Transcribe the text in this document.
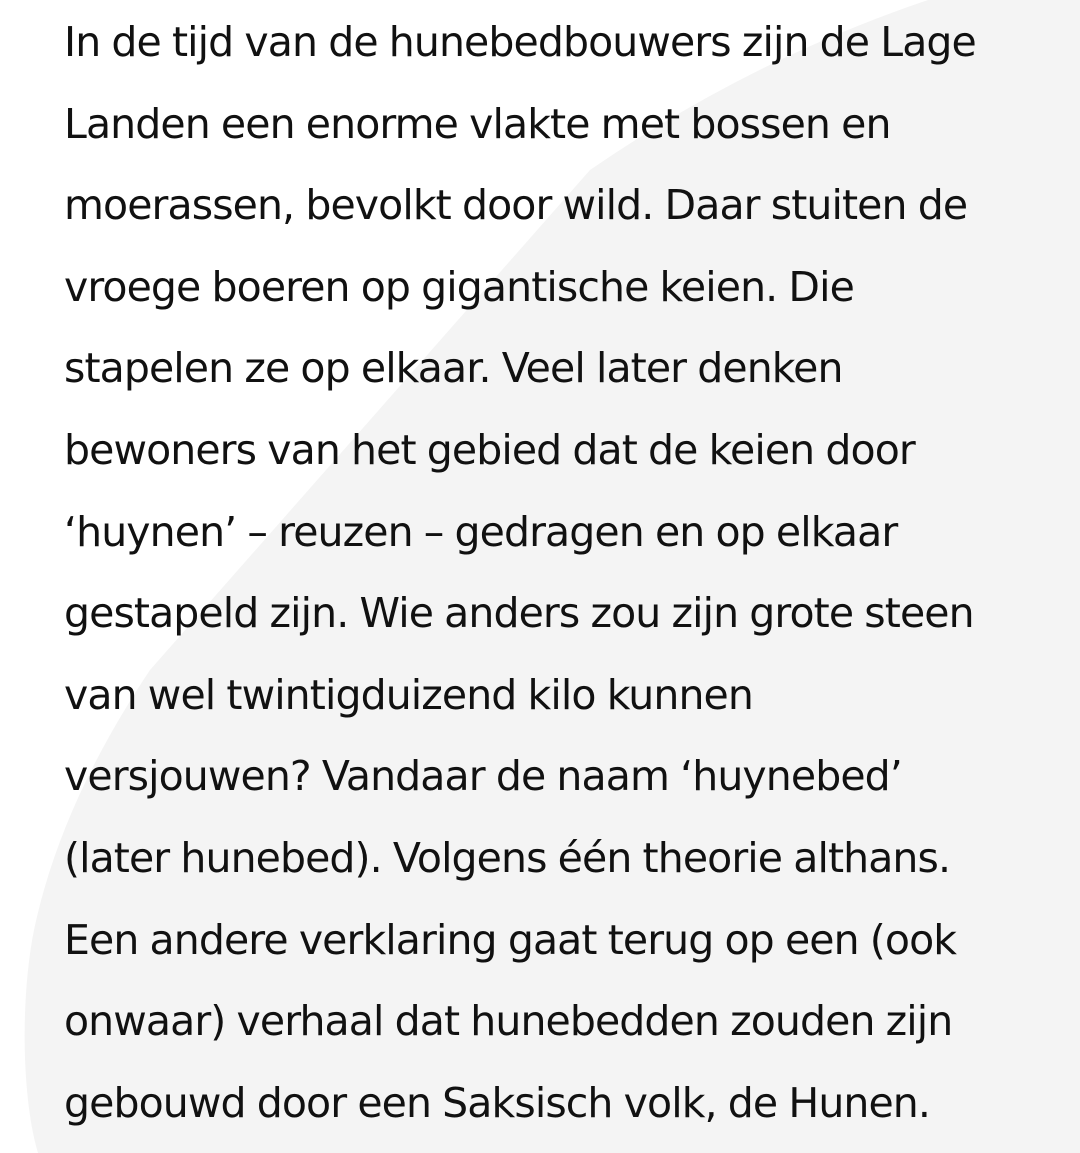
In de tijd van de hunebedbouwers zijn de Lage
Landen een enorme vlakte met bossen en
moerassen, bevolkt door wild. Daar stuiten de
vroege boeren op gigantische keien. Die
stapelen ze op elkaar. Veel later denken
bewoners van het gebied dat de keien door
‘huynen’ – reuzen – gedragen en op elkaar
gestapeld zijn. Wie anders zou zijn grote steen
van wel twintigduizend kilo kunnen
versjouwen? Vandaar de naam ‘huynebed’
(later hunebed). Volgens één theorie althans.
Een andere verklaring gaat terug op een (ook
onwaar) verhaal dat hunebedden zouden zijn
gebouwd door een Saksisch volk, de Hunen.
